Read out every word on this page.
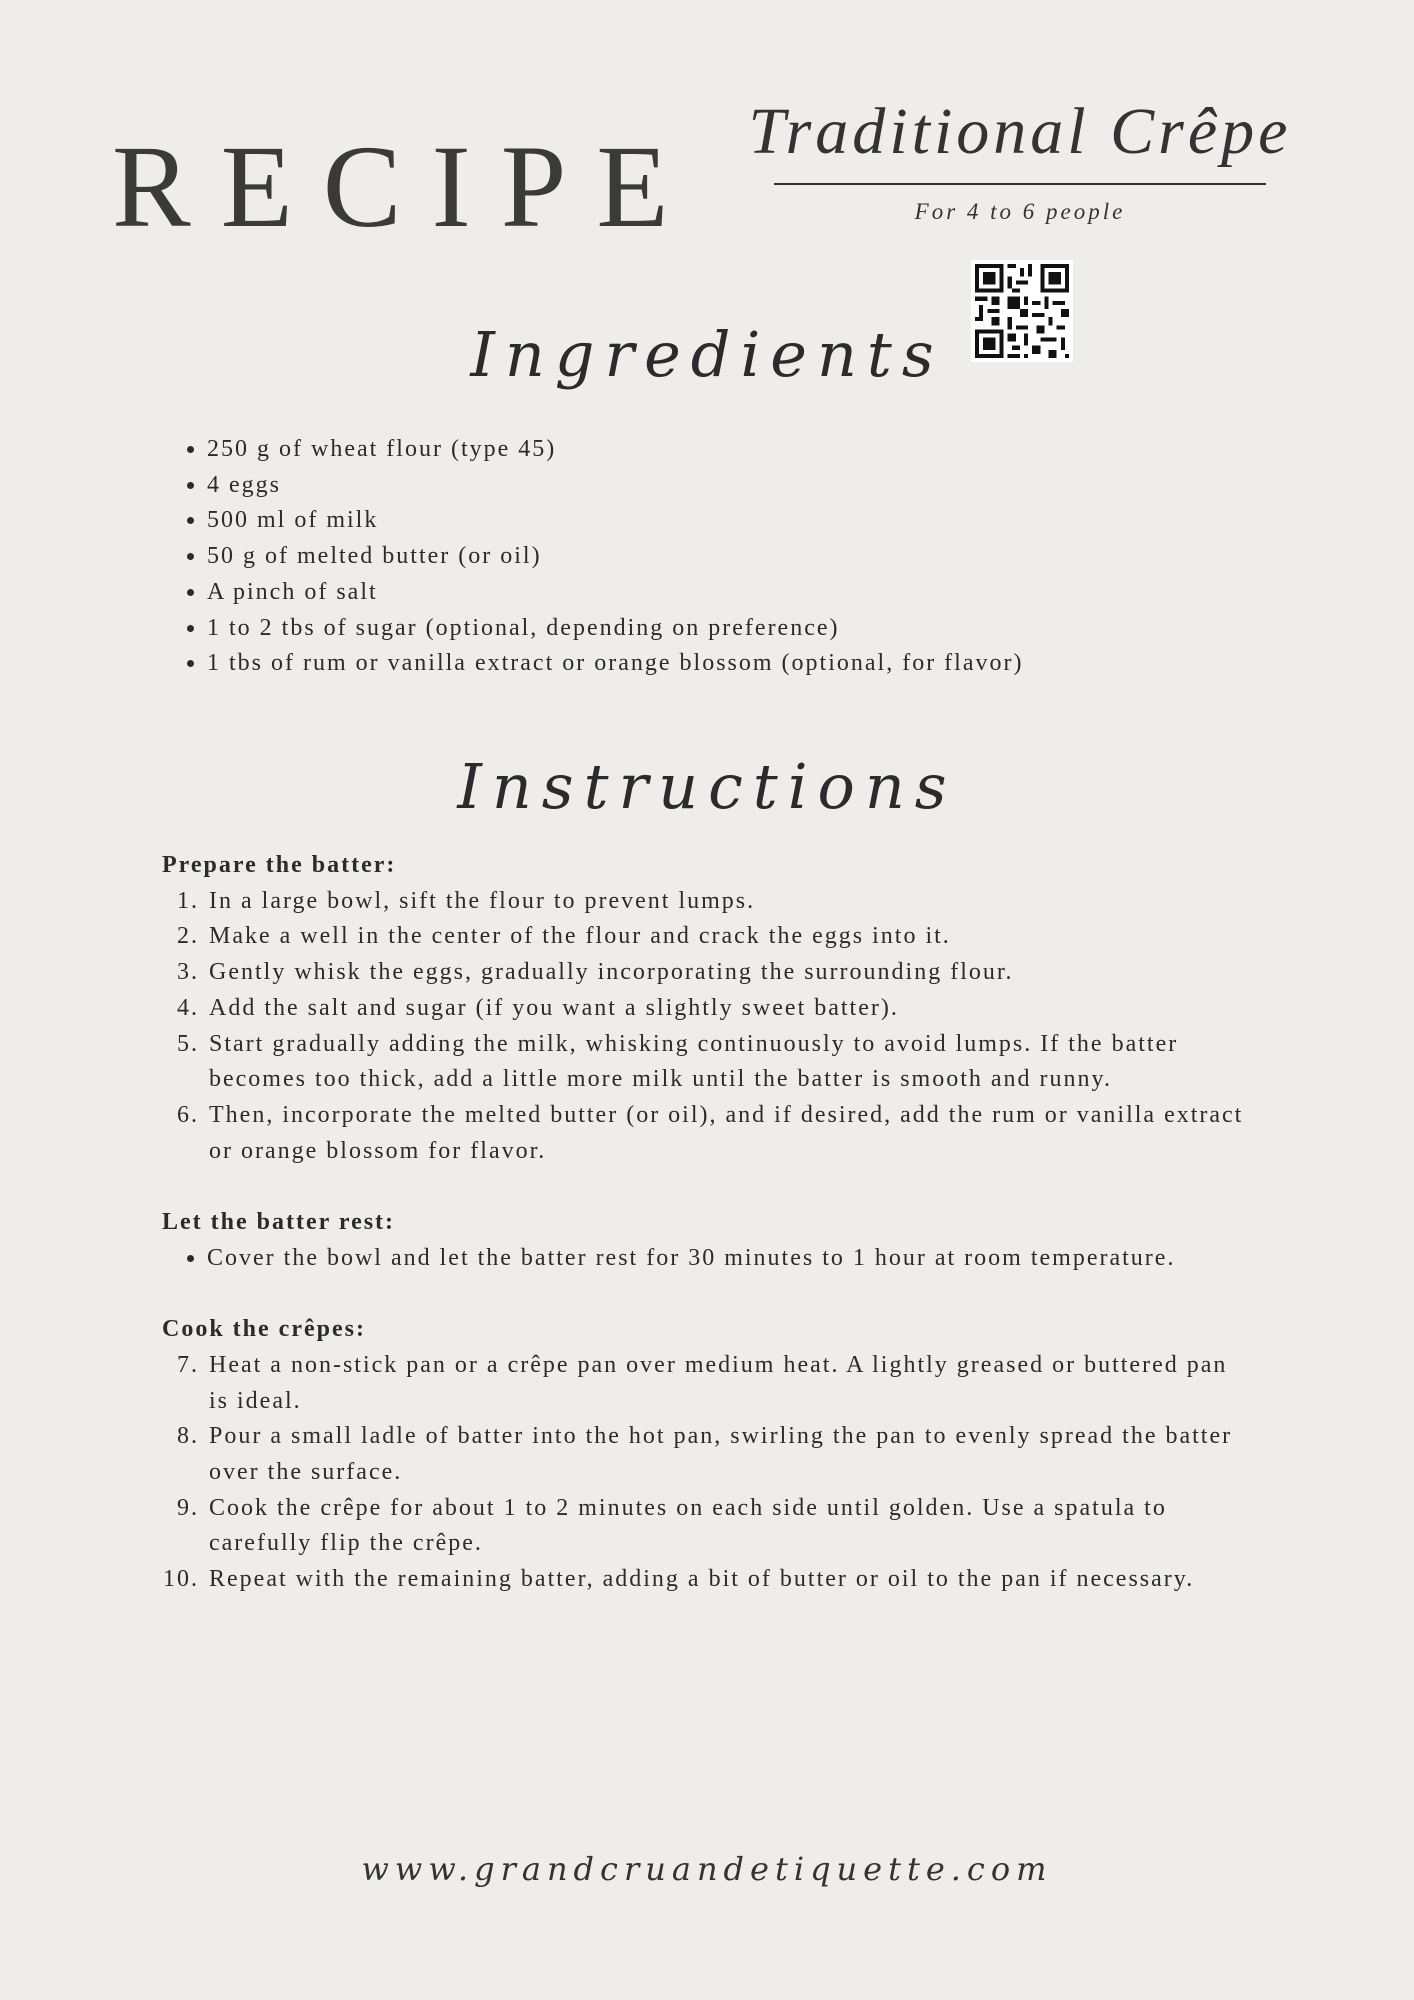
RECIPE Traditional Crêpe
For 4 to 6 people
Ingredients
• 250 g of wheat flour (type 45)
• 4 eggs
• 500 ml of milk
• 50 g of melted butter (or oil)
• A pinch of salt
• 1 to 2 tbs of sugar (optional, depending on preference)
• 1 tbs of rum or vanilla extract or orange blossom (optional, for flavor)
Instructions

Prepare the batter:

1. In a large bowl, sift the flour to prevent lumps.
2. Make a well in the center of the flour and crack the eggs into it.
3. Gently whisk the eggs, gradually incorporating the surrounding flour.
4. Add the salt and sugar (if you want a slightly sweet batter).
5. Start gradually adding the milk, whisking continuously to avoid lumps. If the batter becomes too thick, add a little more milk until the batter is smooth and runny.
6. Then, incorporate the melted butter (or oil), and if desired, add the rum or vanilla extract or orange blossom for flavor.

Let the batter rest:

• Cover the bowl and let the batter rest for 30 minutes to 1 hour at room temperature.

Cook the crêpes:

7. Heat a non-stick pan or a crêpe pan over medium heat. A lightly greased or buttered pan is ideal.
8. Pour a small ladle of batter into the hot pan, swirling the pan to evenly spread the batter over the surface.
9. Cook the crêpe for about 1 to 2 minutes on each side until golden. Use a spatula to carefully flip the crêpe.
10. Repeat with the remaining batter, adding a bit of butter or oil to the pan if necessary.
www.grandcruandetiquette.com
